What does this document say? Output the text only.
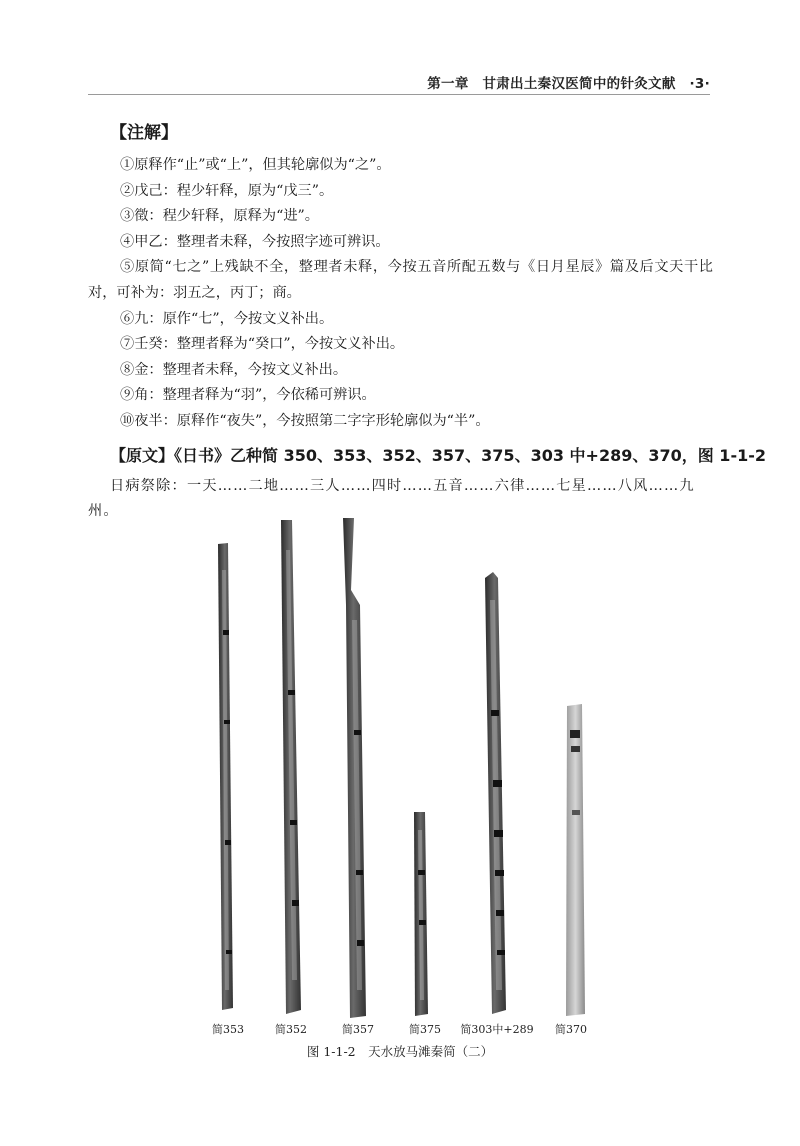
第一章　甘肃出土秦汉医简中的针灸文献　·3·
【注解】

①原释作“止”或“上”，但其轮廓似为“之”。

②戊己：程少轩释，原为“戊三”。

③徵：程少轩释，原释为“进”。

④甲乙：整理者未释，今按照字迹可辨识。

⑤原简“七之”上残缺不全，整理者未释，今按五音所配五数与《日月星辰》篇及后文天干比对，可补为：羽五之，丙丁；商。

⑥九：原作“七”，今按文义补出。

⑦壬癸：整理者释为“癸口”，今按文义补出。

⑧金：整理者未释，今按文义补出。

⑨角：整理者释为“羽”，今依稀可辨识。

⑩夜半：原释作“夜失”，今按照第二字字形轮廓似为“半”。

【原文】《日书》乙种简 350、353、352、357、375、303 中+289、370，图 1-1-2

日病祭除：一天……二地……三人……四时……五音……六律……七星……八风……九州。

简353	简352	简357	简375 简303中+289 简370
图 1-1-2　天水放马滩秦简（二）
